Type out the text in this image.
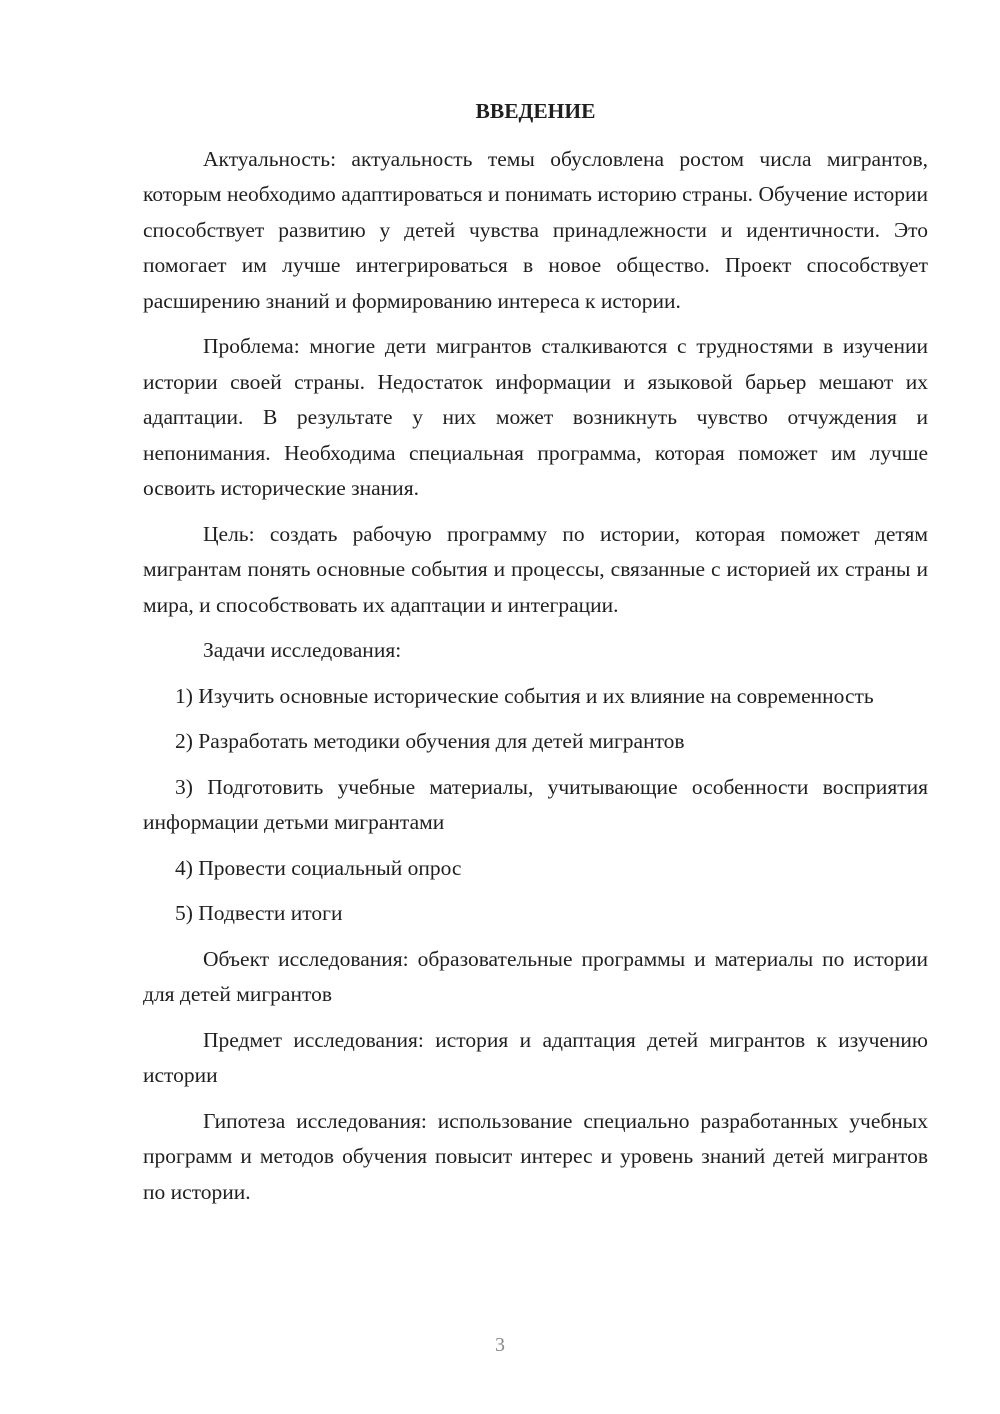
ВВЕДЕНИЕ

Актуальность: актуальность темы обусловлена ростом числа мигрантов, которым необходимо адаптироваться и понимать историю страны. Обучение истории способствует развитию у детей чувства принадлежности и идентичности. Это помогает им лучше интегрироваться в новое общество. Проект способствует расширению знаний и формированию интереса к истории.

Проблема: многие дети мигрантов сталкиваются с трудностями в изучении истории своей страны. Недостаток информации и языковой барьер мешают их адаптации. В результате у них может возникнуть чувство отчуждения и непонимания. Необходима специальная программа, которая поможет им лучше освоить исторические знания.

Цель: создать рабочую программу по истории, которая поможет детям мигрантам понять основные события и процессы, связанные с историей их страны и мира, и способствовать их адаптации и интеграции.

Задачи исследования:

1) Изучить основные исторические события и их влияние на современность

2) Разработать методики обучения для детей мигрантов

3) Подготовить учебные материалы, учитывающие особенности восприятия информации детьми мигрантами

4) Провести социальный опрос

5) Подвести итоги

Объект исследования: образовательные программы и материалы по истории для детей мигрантов

Предмет исследования: история и адаптация детей мигрантов к изучению истории

Гипотеза исследования: использование специально разработанных учебных программ и методов обучения повысит интерес и уровень знаний детей мигрантов по истории.

3
